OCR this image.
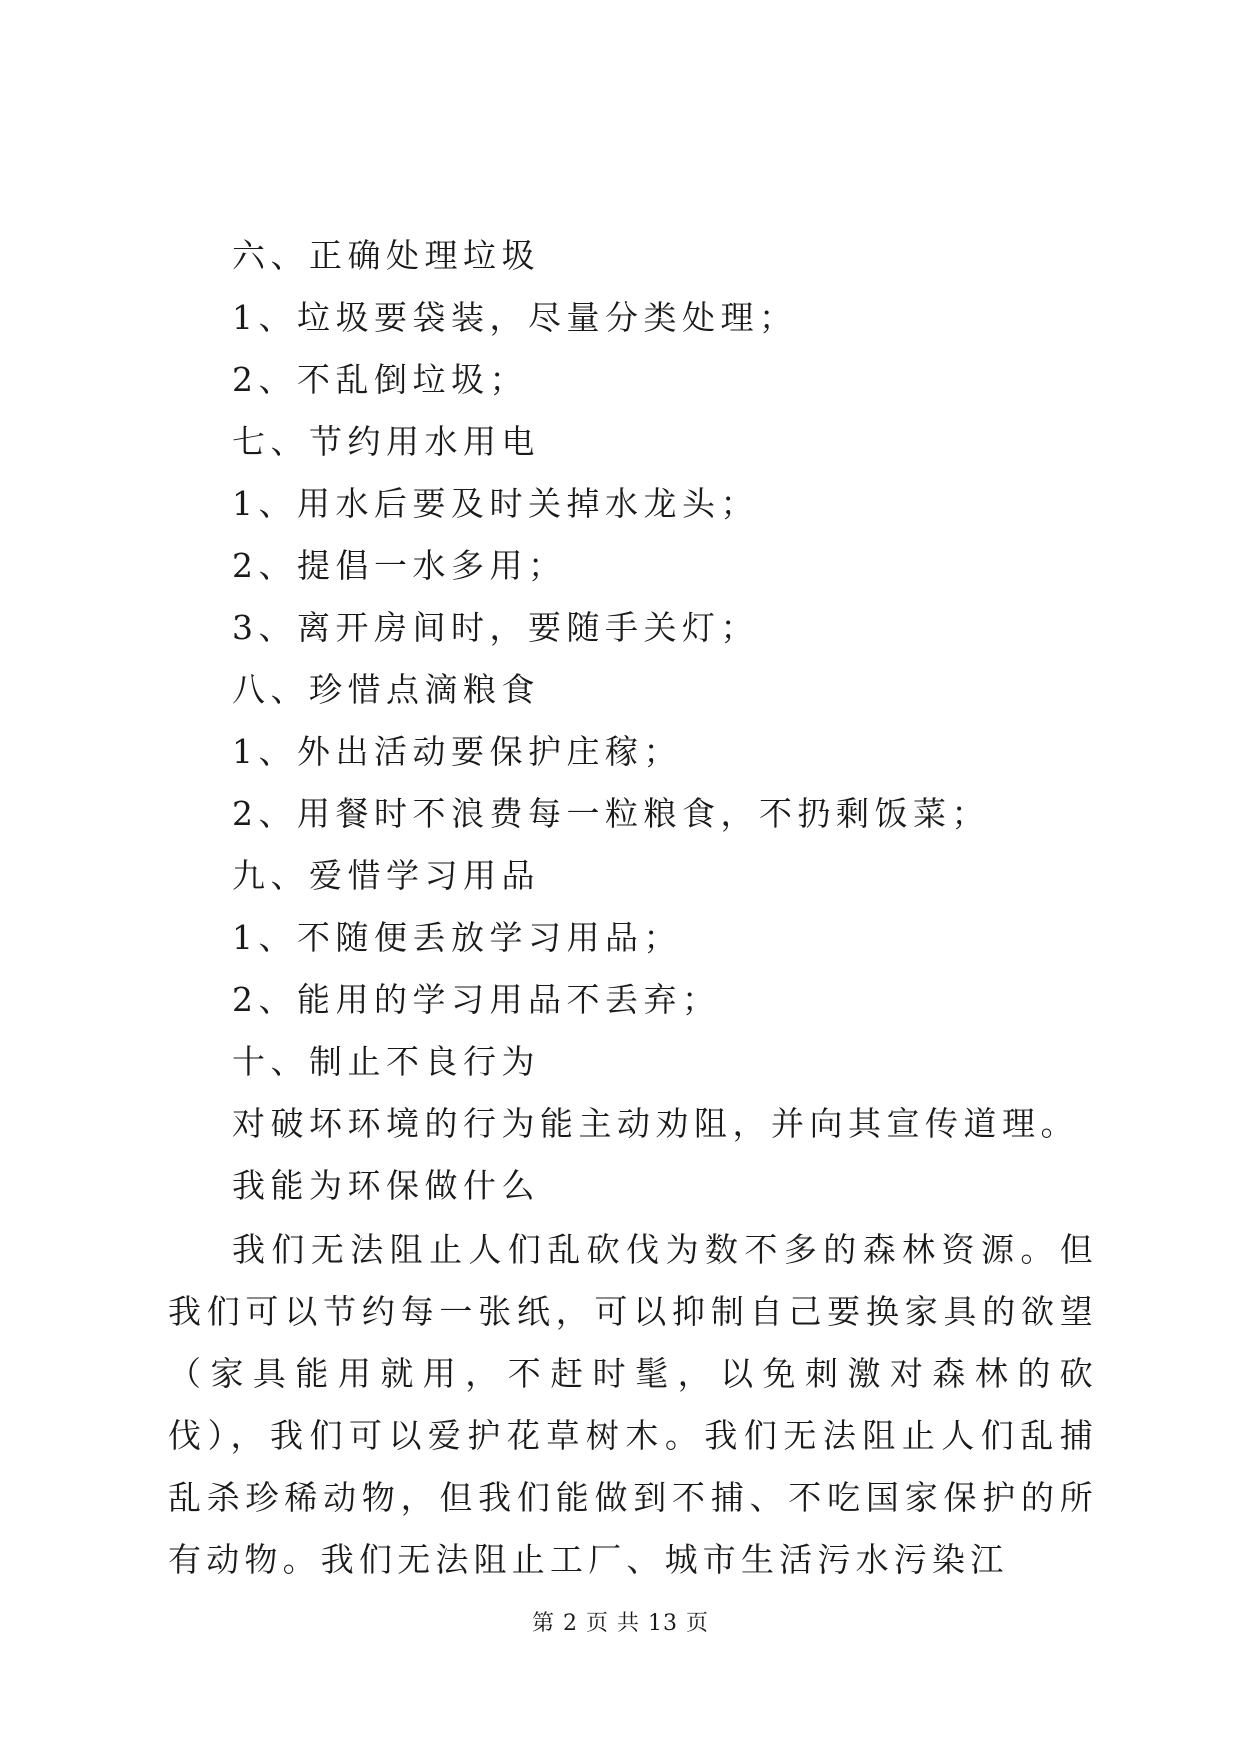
六、正确处理垃圾
1、垃圾要袋装，尽量分类处理；
2、不乱倒垃圾；
七、节约用水用电
1、用水后要及时关掉水龙头；
2、提倡一水多用；
3、离开房间时，要随手关灯；
八、珍惜点滴粮食
1、外出活动要保护庄稼；
2、用餐时不浪费每一粒粮食，不扔剩饭菜；
九、爱惜学习用品
1、不随便丢放学习用品；
2、能用的学习用品不丢弃；
十、制止不良行为
对破坏环境的行为能主动劝阻，并向其宣传道理。
我能为环保做什么
我们无法阻止人们乱砍伐为数不多的森林资源。但我们可以节约每一张纸，可以抑制自己要换家具的欲望（家具能用就用，不赶时髦，以免刺激对森林的砍伐），我们可以爱护花草树木。我们无法阻止人们乱捕乱杀珍稀动物，但我们能做到不捕、不吃国家保护的所有动物。我们无法阻止工厂、城市生活污水污染江
第 2 页 共 13 页
